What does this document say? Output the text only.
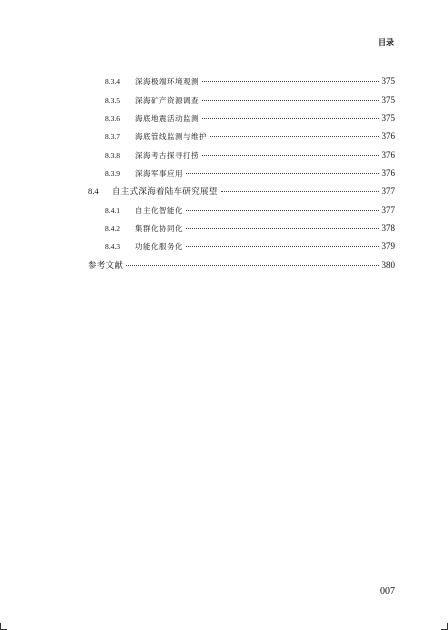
目录
8.3.4	深海极端环境观测	375
8.3.5	深海矿产资源调查	375
8.3.6	海底地震活动监测	375
8.3.7	海底管线监测与维护	376
8.3.8	深海考古探寻打捞	376
8.3.9	深海军事应用	376
8.4	自主式深海着陆车研究展望	377
8.4.1	自主化智能化	377
8.4.2	集群化协同化	378
8.4.3	功能化服务化	379
参考文献	380
007
